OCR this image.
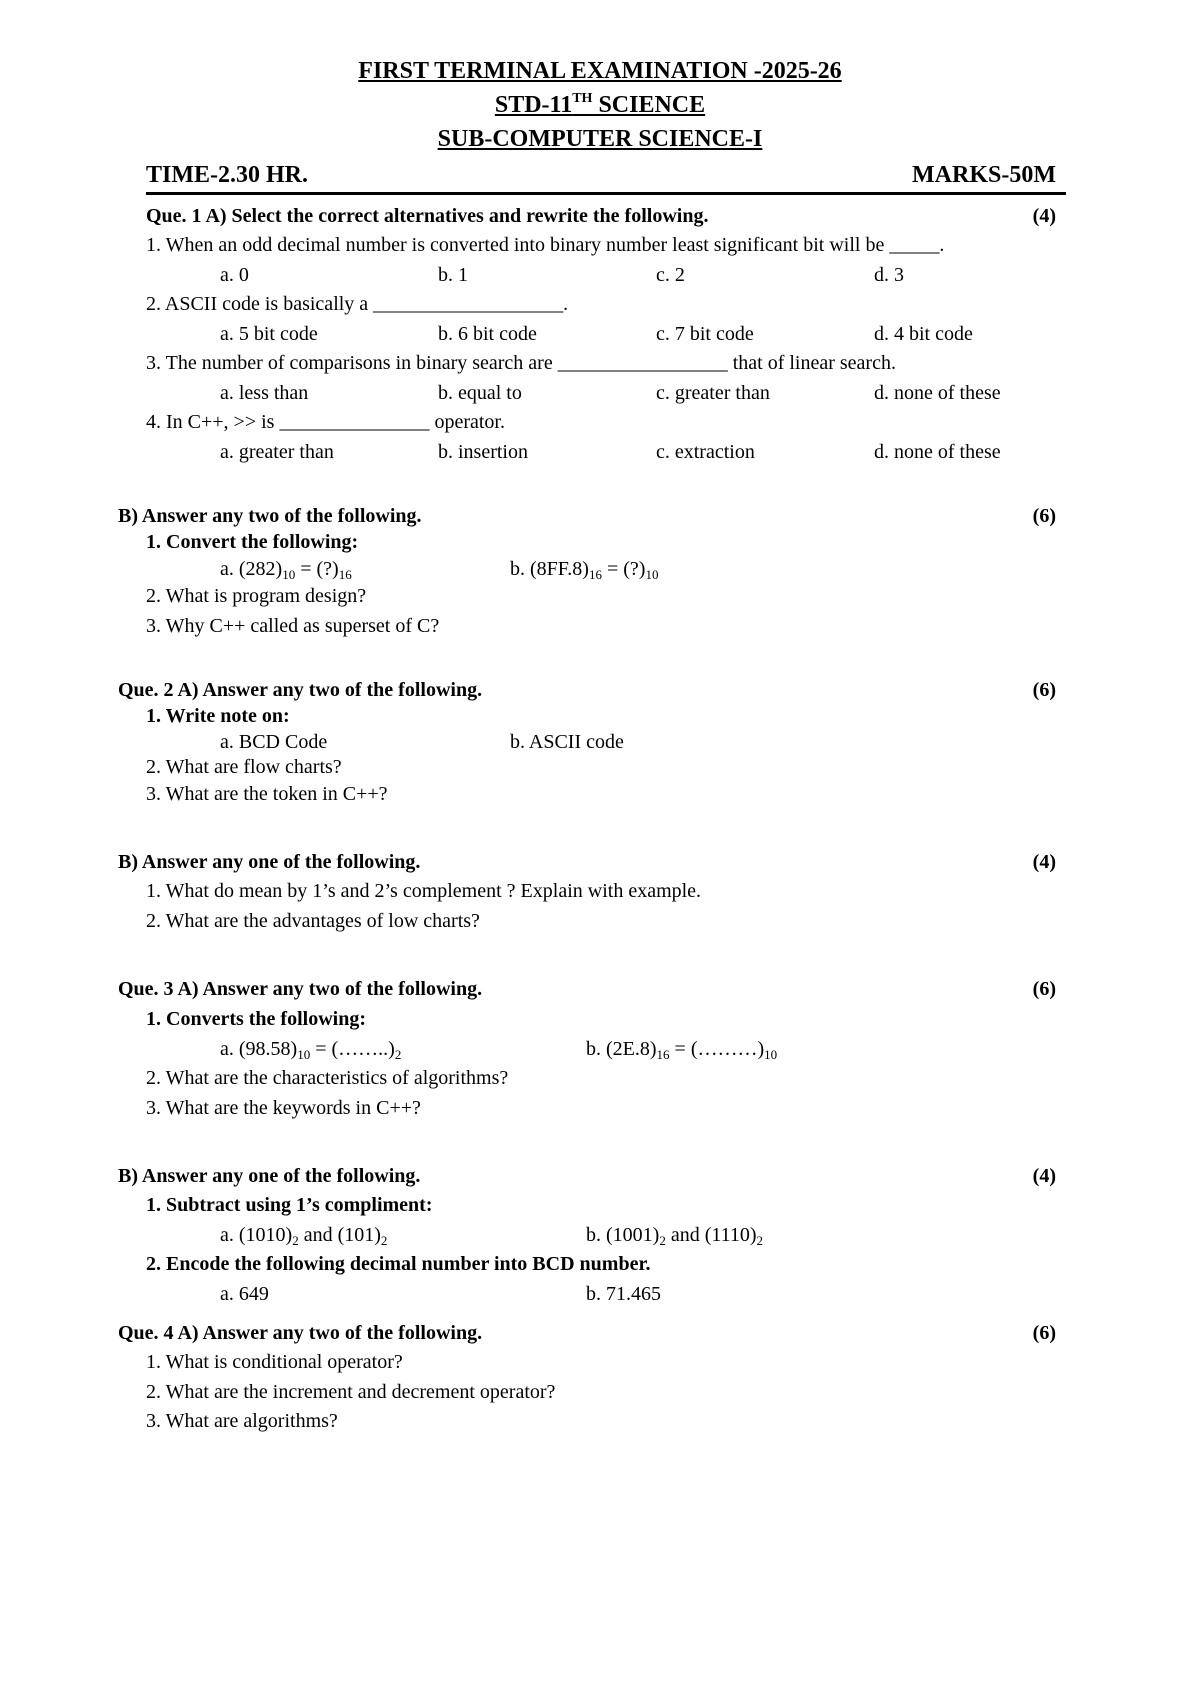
FIRST TERMINAL EXAMINATION -2025-26
STD-11TH SCIENCE
SUB-COMPUTER SCIENCE-I
TIME-2.30 HR.	MARKS-50M
Que. 1 A) Select the correct alternatives and rewrite the following.	(4)
1. When an odd decimal number is converted into binary number least significant bit will be _____.
a. 0	b. 1	c. 2	d. 3
2. ASCII code is basically a ___________________.
a. 5 bit code	b. 6 bit code	c. 7 bit code	d. 4 bit code
3. The number of comparisons in binary search are _________________ that of linear search.
a. less than	b. equal to	c. greater than	d. none of these
4. In C++, >> is _______________ operator.
a. greater than	b. insertion	c. extraction	d. none of these
B) Answer any two of the following.	(6)
1. Convert the following:
a. $(282)_{10}$ = $(?)_{16}$	b. $(8FF.8)_{16}$ = $(?)_{10}$
2. What is program design?
3. Why C++ called as superset of C?
Que. 2 A) Answer any two of the following.	(6)
1. Write note on:
a. BCD Code	b. ASCII code
2. What are flow charts?
3. What are the token in C++?
B) Answer any one of the following.	(4)
1. What do mean by 1’s and 2’s complement ? Explain with example.
2. What are the advantages of low charts?
Que. 3 A) Answer any two of the following.	(6)
1. Converts the following:
a. $(98.58)_{10}$ = $(\dots\dots..)_2$	b. $(2E.8)_{16}$ = $(\dots\dots\dots)_{10}$
2. What are the characteristics of algorithms?
3. What are the keywords in C++?
B) Answer any one of the following.	(4)
1. Subtract using 1’s compliment:
a. $(1010)_2$ and $(101)_2$	b. $(1001)_2$ and $(1110)_2$
2. Encode the following decimal number into BCD number.
a. 649	b. 71.465
Que. 4 A) Answer any two of the following.	(6)
1. What is conditional operator?
2. What are the increment and decrement operator?
3. What are algorithms?
